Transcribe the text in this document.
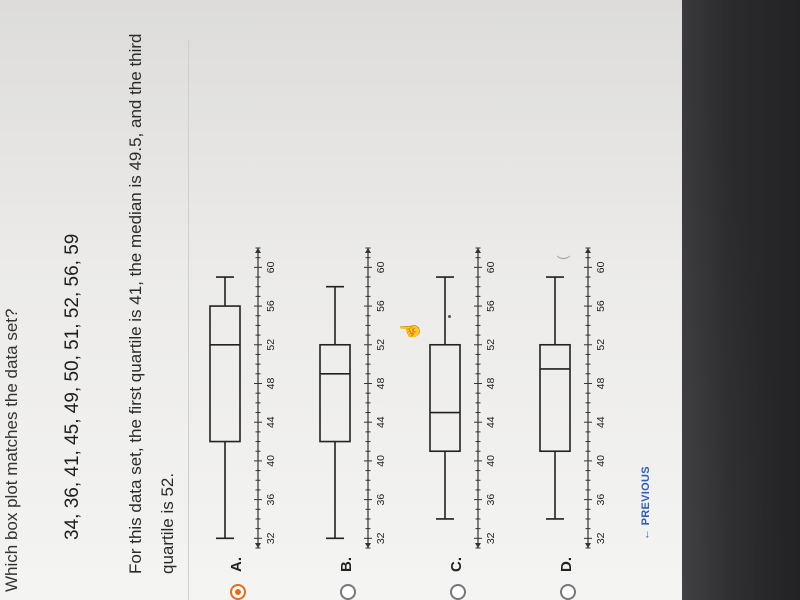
Which box plot matches the data set? 34, 36, 41, 45, 49, 50, 51, 52, 56, 59	For this data set, the first quartile is 41, the median is 49.5, and the third quartile is 52.	A.
32
36
40
44
48
52
56
60
B.
32
36
40
44
48
52
56
60
C.
32
36
40
44
48
52
56
60
D.
32
36
40
44
48
52
56
60
← PREVIOUS
☝
(
